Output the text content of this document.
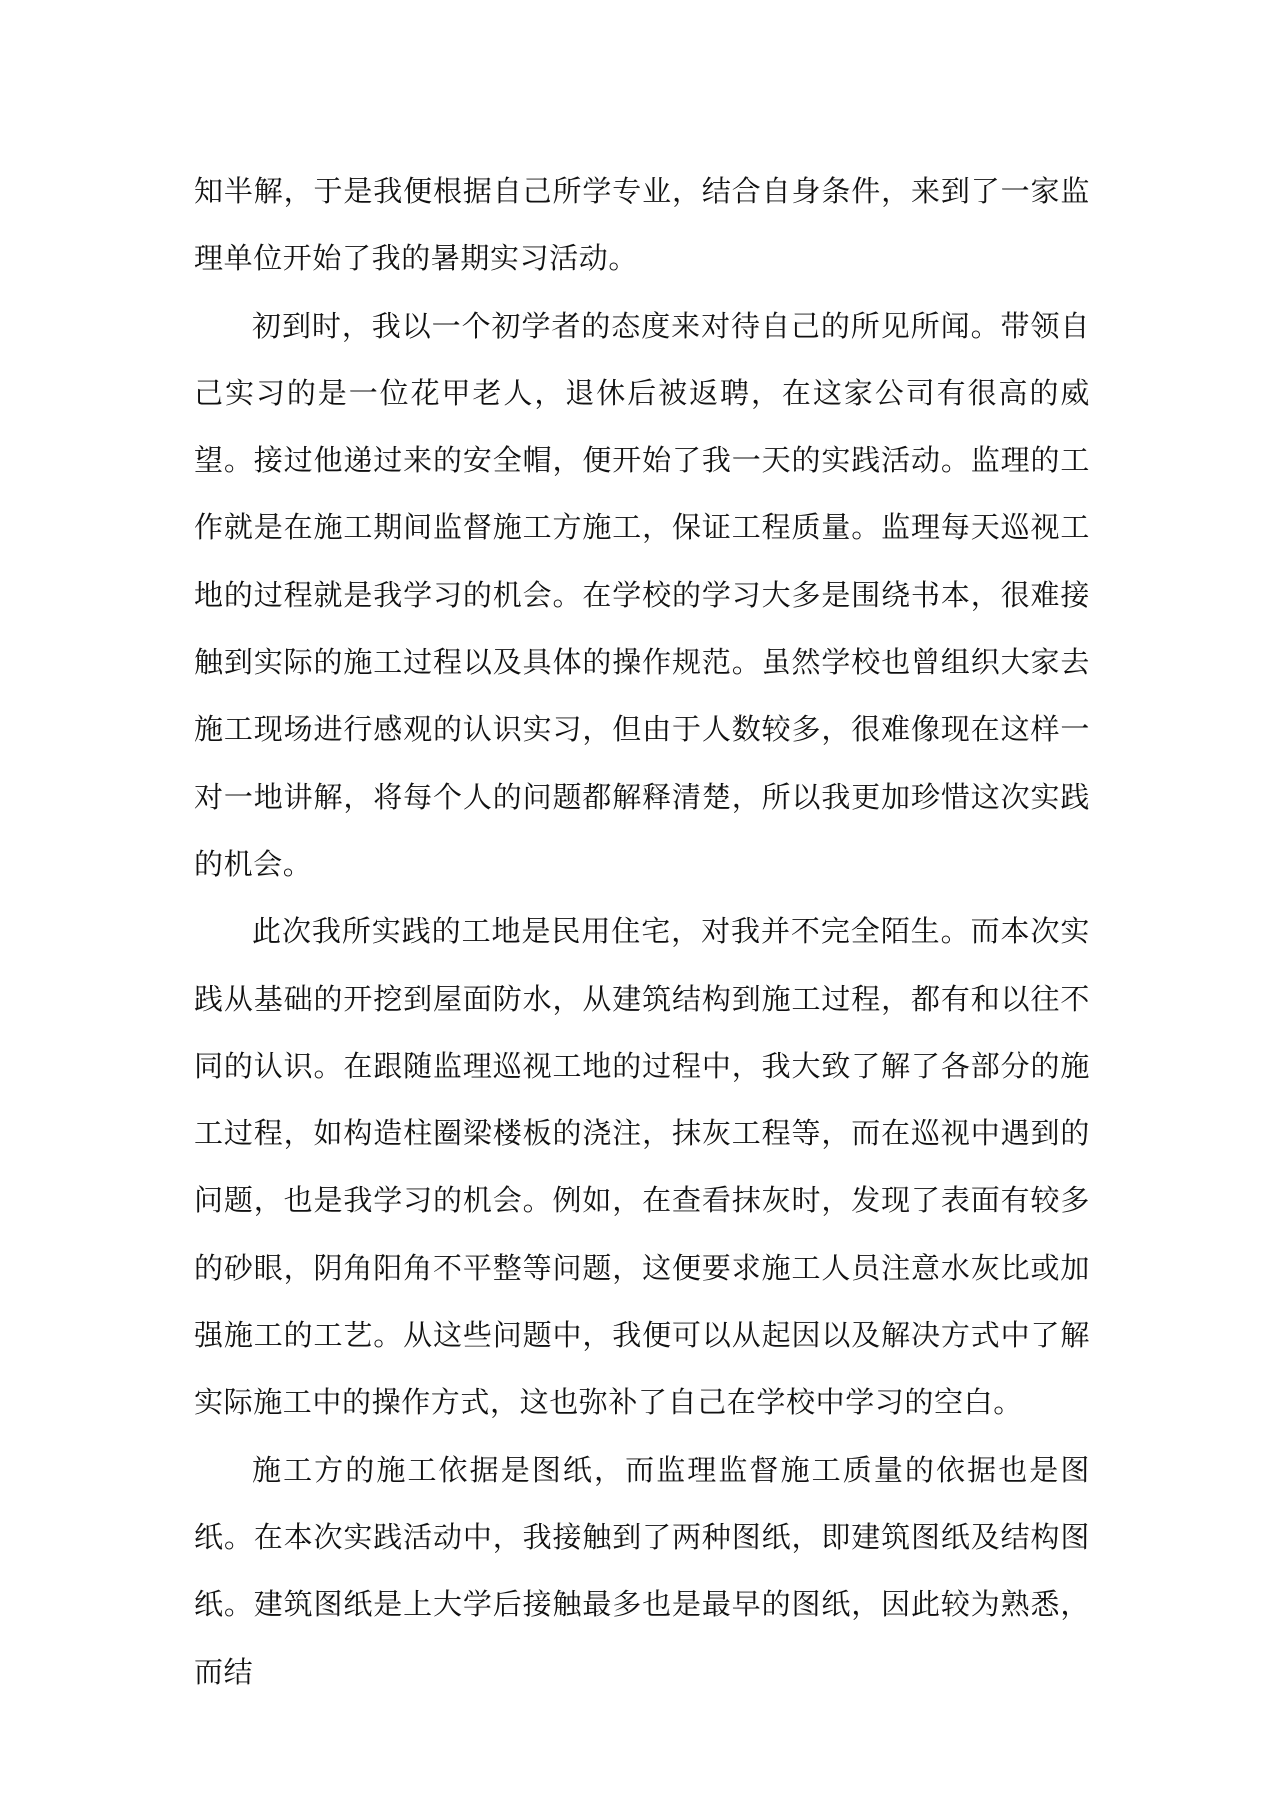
知半解，于是我便根据自己所学专业，结合自身条件，来到了一家监理单位开始了我的暑期实习活动。

初到时，我以一个初学者的态度来对待自己的所见所闻。带领自己实习的是一位花甲老人，退休后被返聘，在这家公司有很高的威望。接过他递过来的安全帽，便开始了我一天的实践活动。监理的工作就是在施工期间监督施工方施工，保证工程质量。监理每天巡视工地的过程就是我学习的机会。在学校的学习大多是围绕书本，很难接触到实际的施工过程以及具体的操作规范。虽然学校也曾组织大家去施工现场进行感观的认识实习，但由于人数较多，很难像现在这样一对一地讲解，将每个人的问题都解释清楚，所以我更加珍惜这次实践的机会。

此次我所实践的工地是民用住宅，对我并不完全陌生。而本次实践从基础的开挖到屋面防水，从建筑结构到施工过程，都有和以往不同的认识。在跟随监理巡视工地的过程中，我大致了解了各部分的施工过程，如构造柱圈梁楼板的浇注，抹灰工程等，而在巡视中遇到的问题，也是我学习的机会。例如，在查看抹灰时，发现了表面有较多的砂眼，阴角阳角不平整等问题，这便要求施工人员注意水灰比或加强施工的工艺。从这些问题中，我便可以从起因以及解决方式中了解实际施工中的操作方式，这也弥补了自己在学校中学习的空白。

施工方的施工依据是图纸，而监理监督施工质量的依据也是图纸。在本次实践活动中，我接触到了两种图纸，即建筑图纸及结构图纸。建筑图纸是上大学后接触最多也是最早的图纸，因此较为熟悉，而结
